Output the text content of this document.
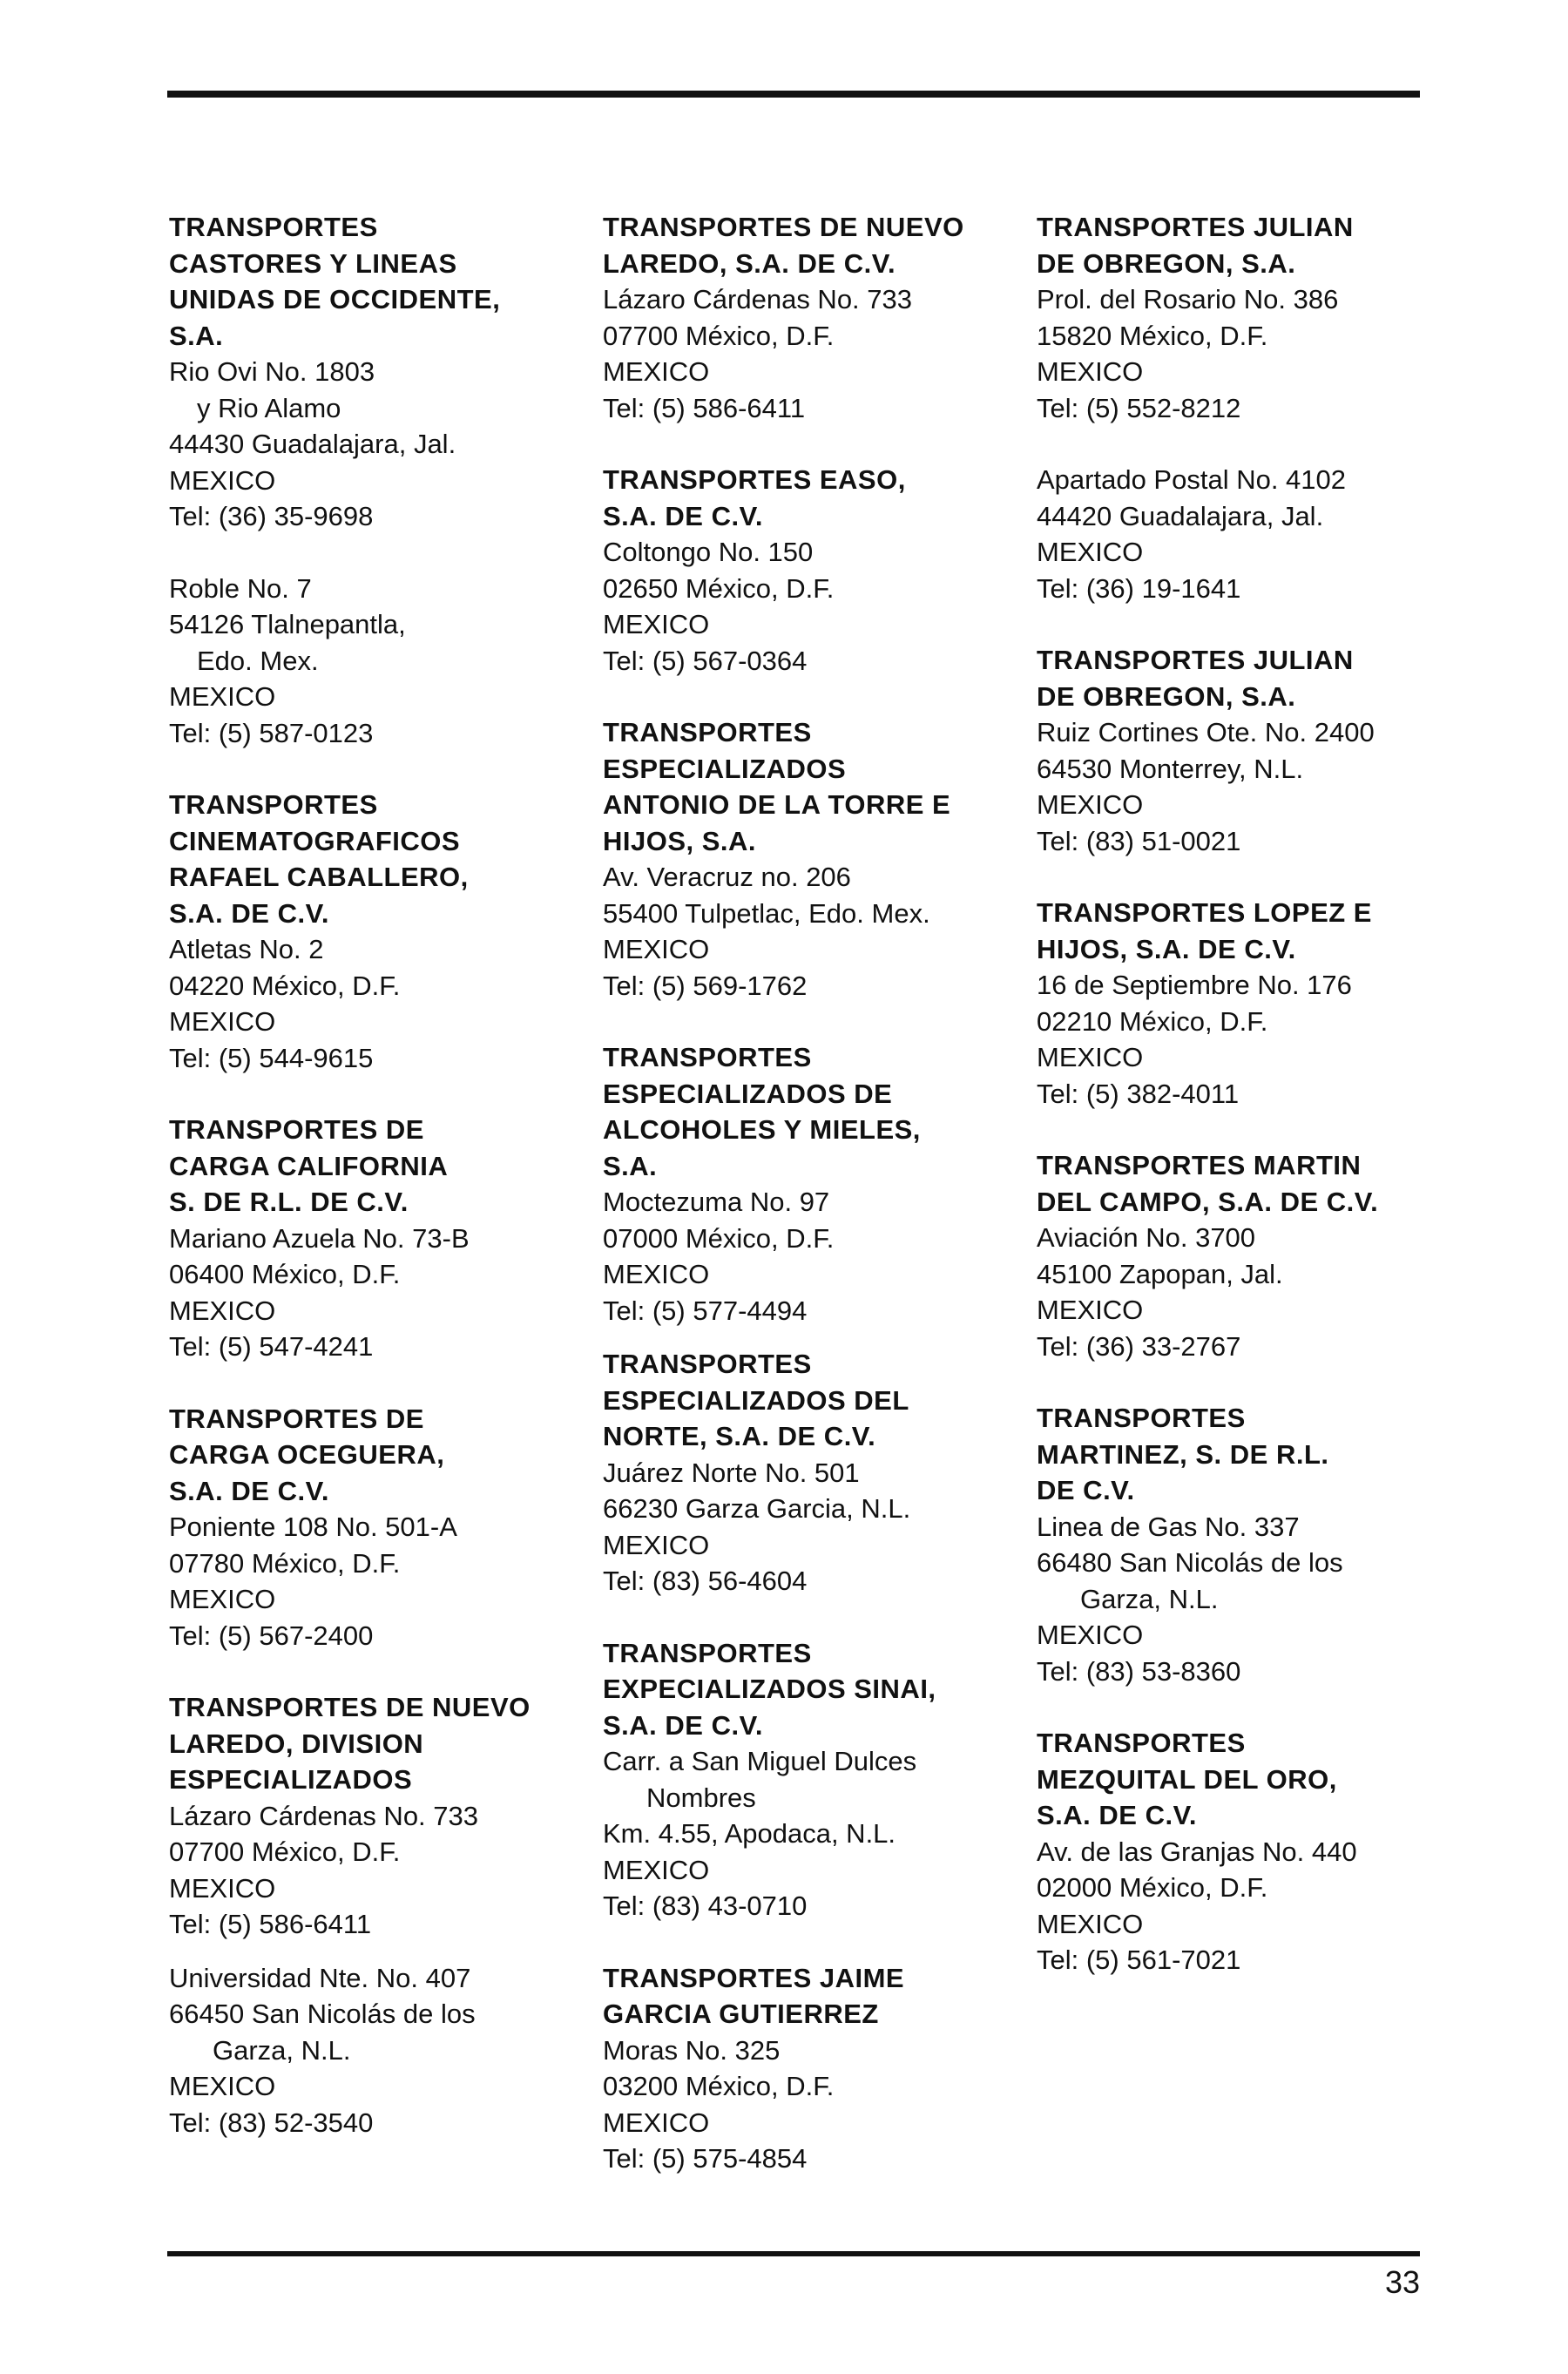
TRANSPORTES
CASTORES Y LINEAS
UNIDAS DE OCCIDENTE,
S.A.
Rio Ovi No. 1803
y Rio Alamo
44430 Guadalajara, Jal.
MEXICO
Tel: (36) 35-9698
Roble No. 7
54126 Tlalnepantla,
Edo. Mex.
MEXICO
Tel: (5) 587-0123
TRANSPORTES
CINEMATOGRAFICOS
RAFAEL CABALLERO,
S.A. DE C.V.
Atletas No. 2
04220 México, D.F.
MEXICO
Tel: (5) 544-9615
TRANSPORTES DE
CARGA CALIFORNIA
S. DE R.L. DE C.V.
Mariano Azuela No. 73-B
06400 México, D.F.
MEXICO
Tel: (5) 547-4241
TRANSPORTES DE
CARGA OCEGUERA,
S.A. DE C.V.
Poniente 108 No. 501-A
07780 México, D.F.
MEXICO
Tel: (5) 567-2400
TRANSPORTES DE NUEVO
LAREDO, DIVISION
ESPECIALIZADOS
Lázaro Cárdenas No. 733
07700 México, D.F.
MEXICO
Tel: (5) 586-6411
Universidad Nte. No. 407
66450 San Nicolás de los
Garza, N.L.
MEXICO
Tel: (83) 52-3540
TRANSPORTES DE NUEVO
LAREDO, S.A. DE C.V.
Lázaro Cárdenas No. 733
07700 México, D.F.
MEXICO
Tel: (5) 586-6411
TRANSPORTES EASO,
S.A. DE C.V.
Coltongo No. 150
02650 México, D.F.
MEXICO
Tel: (5) 567-0364
TRANSPORTES
ESPECIALIZADOS
ANTONIO DE LA TORRE E
HIJOS, S.A.
Av. Veracruz no. 206
55400 Tulpetlac, Edo. Mex.
MEXICO
Tel: (5) 569-1762
TRANSPORTES
ESPECIALIZADOS DE
ALCOHOLES Y MIELES,
S.A.
Moctezuma No. 97
07000 México, D.F.
MEXICO
Tel: (5) 577-4494
TRANSPORTES
ESPECIALIZADOS DEL
NORTE, S.A. DE C.V.
Juárez Norte No. 501
66230 Garza Garcia, N.L.
MEXICO
Tel: (83) 56-4604
TRANSPORTES
EXPECIALIZADOS SINAI,
S.A. DE C.V.
Carr. a San Miguel Dulces
Nombres
Km. 4.55, Apodaca, N.L.
MEXICO
Tel: (83) 43-0710
TRANSPORTES JAIME
GARCIA GUTIERREZ
Moras No. 325
03200 México, D.F.
MEXICO
Tel: (5) 575-4854
TRANSPORTES JULIAN
DE OBREGON, S.A.
Prol. del Rosario No. 386
15820 México, D.F.
MEXICO
Tel: (5) 552-8212
Apartado Postal No. 4102
44420 Guadalajara, Jal.
MEXICO
Tel: (36) 19-1641
TRANSPORTES JULIAN
DE OBREGON, S.A.
Ruiz Cortines Ote. No. 2400
64530 Monterrey, N.L.
MEXICO
Tel: (83) 51-0021
TRANSPORTES LOPEZ E
HIJOS, S.A. DE C.V.
16 de Septiembre No. 176
02210 México, D.F.
MEXICO
Tel: (5) 382-4011
TRANSPORTES MARTIN
DEL CAMPO, S.A. DE C.V.
Aviación No. 3700
45100 Zapopan, Jal.
MEXICO
Tel: (36) 33-2767
TRANSPORTES
MARTINEZ, S. DE R.L.
DE C.V.
Linea de Gas No. 337
66480 San Nicolás de los
Garza, N.L.
MEXICO
Tel: (83) 53-8360
TRANSPORTES
MEZQUITAL DEL ORO,
S.A. DE C.V.
Av. de las Granjas No. 440
02000 México, D.F.
MEXICO
Tel: (5) 561-7021
33
